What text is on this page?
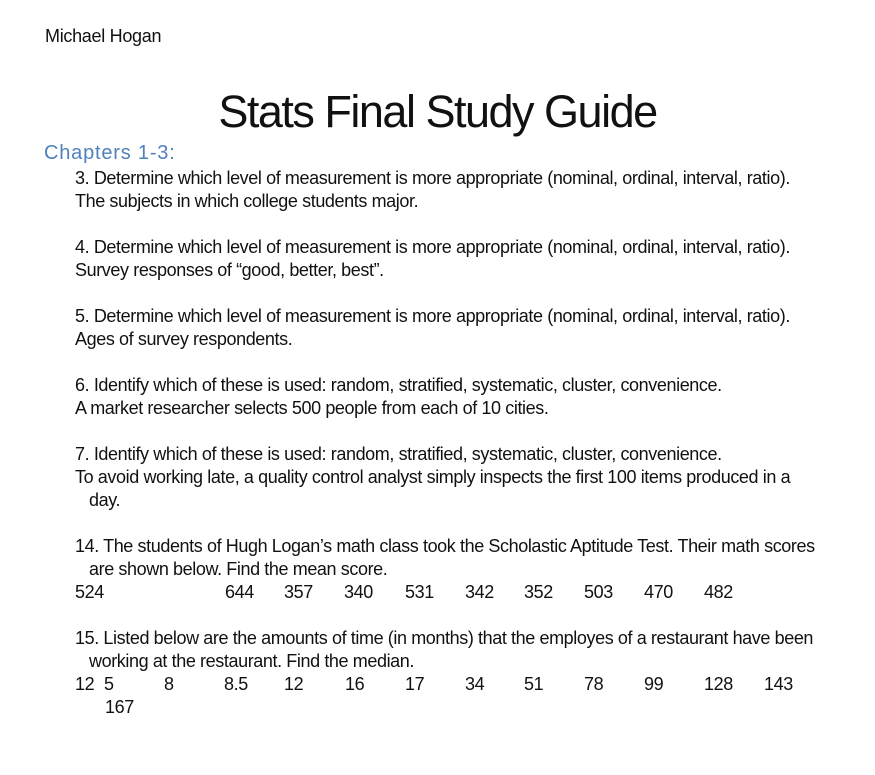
Michael Hogan
Stats Final Study Guide
Chapters 1-3:
3. Determine which level of measurement is more appropriate (nominal, ordinal, interval, ratio).
The subjects in which college students major.
4. Determine which level of measurement is more appropriate (nominal, ordinal, interval, ratio).
Survey responses of “good, better, best”.
5. Determine which level of measurement is more appropriate (nominal, ordinal, interval, ratio).
Ages of survey respondents.
6. Identify which of these is used: random, stratified, systematic, cluster, convenience.
A market researcher selects 500 people from each of 10 cities.
7. Identify which of these is used: random, stratified, systematic, cluster, convenience.
To avoid working late, a quality control analyst simply inspects the first 100 items produced in a day.
14. The students of Hugh Logan’s math class took the Scholastic Aptitude Test. Their math scores are shown below. Find the mean score.
524	644 357 340 531 342 352 503 470 482
15. Listed below are the amounts of time (in months) that the employes of a restaurant have been working at the restaurant. Find the median.
12 5	8	8.5 12 16 17 34 51 78 99 128 143
167
